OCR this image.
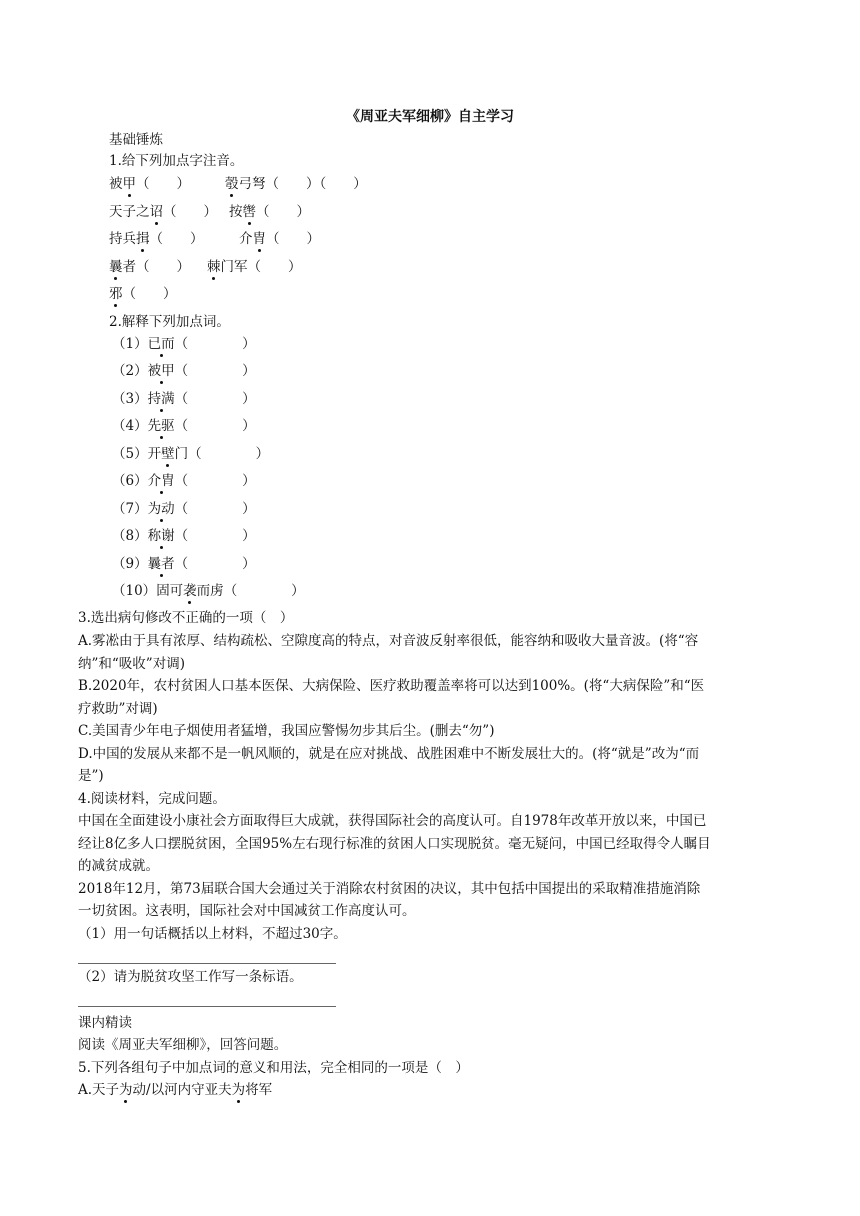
《周亚夫军细柳》自主学习
基础锤炼
1.给下列加点字注音。
被甲（　　）	彀弓弩（　　）（　　）
天子之诏（　　） 按辔（　　）
持兵揖（　　）	介胄（　　）
曩者（　　） 棘门军（　　）
邪（　　）
2.解释下列加点词。
（1）已而（　　　　）
（2）被甲（　　　　）
（3）持满（　　　　）
（4）先驱（　　　　）
（5）开壁门（　　　　）
（6）介胄（　　　　）
（7）为动（　　　　）
（8）称谢（　　　　）
（9）曩者（　　　　）
（10）固可袭而虏（　　　　）
3.选出病句修改不正确的一项（　）
A.雾凇由于具有浓厚、结构疏松、空隙度高的特点，对音波反射率很低，能容纳和吸收大量音波。(将“容
纳”和“吸收”对调)
B.2020年，农村贫困人口基本医保、大病保险、医疗救助覆盖率将可以达到100%。(将“大病保险”和“医
疗救助”对调)
C.美国青少年电子烟使用者猛增，我国应警惕勿步其后尘。(删去“勿”)
D.中国的发展从来都不是一帆风顺的，就是在应对挑战、战胜困难中不断发展壮大的。(将“就是”改为“而
是”)
4.阅读材料，完成问题。
中国在全面建设小康社会方面取得巨大成就，获得国际社会的高度认可。自1978年改革开放以来，中国已
经让8亿多人口摆脱贫困，全国95%左右现行标准的贫困人口实现脱贫。毫无疑问，中国已经取得令人瞩目
的减贫成就。
2018年12月，第73届联合国大会通过关于消除农村贫困的决议，其中包括中国提出的采取精准措施消除
一切贫困。这表明，国际社会对中国减贫工作高度认可。
（1）用一句话概括以上材料，不超过30字。
（2）请为脱贫攻坚工作写一条标语。
课内精读
阅读《周亚夫军细柳》，回答问题。
5.下列各组句子中加点词的意义和用法，完全相同的一项是（　）
A.天子为动/以河内守亚夫为将军
